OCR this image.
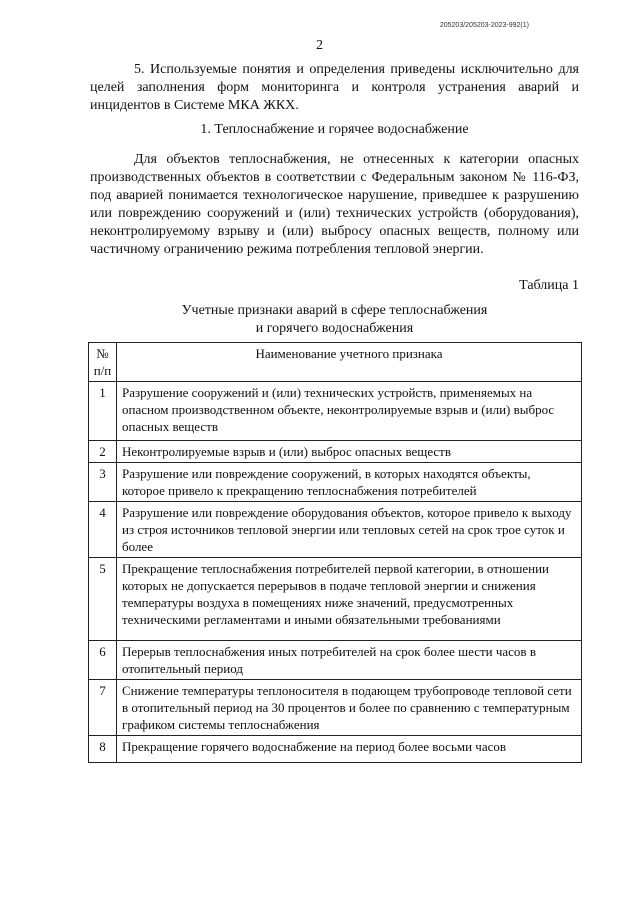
205203/205203-2023-992(1)
2
5. Используемые понятия и определения приведены исключительно для целей заполнения форм мониторинга и контроля устранения аварий и инцидентов в Системе МКА ЖКХ.
1. Теплоснабжение и горячее водоснабжение
Для объектов теплоснабжения, не отнесенных к категории опасных производственных объектов в соответствии с Федеральным законом № 116-ФЗ, под аварией понимается технологическое нарушение, приведшее к разрушению или повреждению сооружений и (или) технических устройств (оборудования), неконтролируемому взрыву и (или) выбросу опасных веществ, полному или частичному ограничению режима потребления тепловой энергии.
Таблица 1
Учетные признаки аварий в сфере теплоснабжения
и горячего водоснабжения
№ п/п	Наименование учетного признака
1	Разрушение сооружений и (или) технических устройств, применяемых на опасном производственном объекте, неконтролируемые взрыв и (или) выброс опасных веществ
2	Неконтролируемые взрыв и (или) выброс опасных веществ
3	Разрушение или повреждение сооружений, в которых находятся объекты, которое привело к прекращению теплоснабжения потребителей
4	Разрушение или повреждение оборудования объектов, которое привело к выходу из строя источников тепловой энергии или тепловых сетей на срок трое суток и более
5	Прекращение теплоснабжения потребителей первой категории, в отношении которых не допускается перерывов в подаче тепловой энергии и снижения температуры воздуха в помещениях ниже значений, предусмотренных техническими регламентами и иными обязательными требованиями
6	Перерыв теплоснабжения иных потребителей на срок более шести часов в отопительный период
7	Снижение температуры теплоносителя в подающем трубопроводе тепловой сети в отопительный период на 30 процентов и более по сравнению с температурным графиком системы теплоснабжения
8	Прекращение горячего водоснабжение на период более восьми часов
